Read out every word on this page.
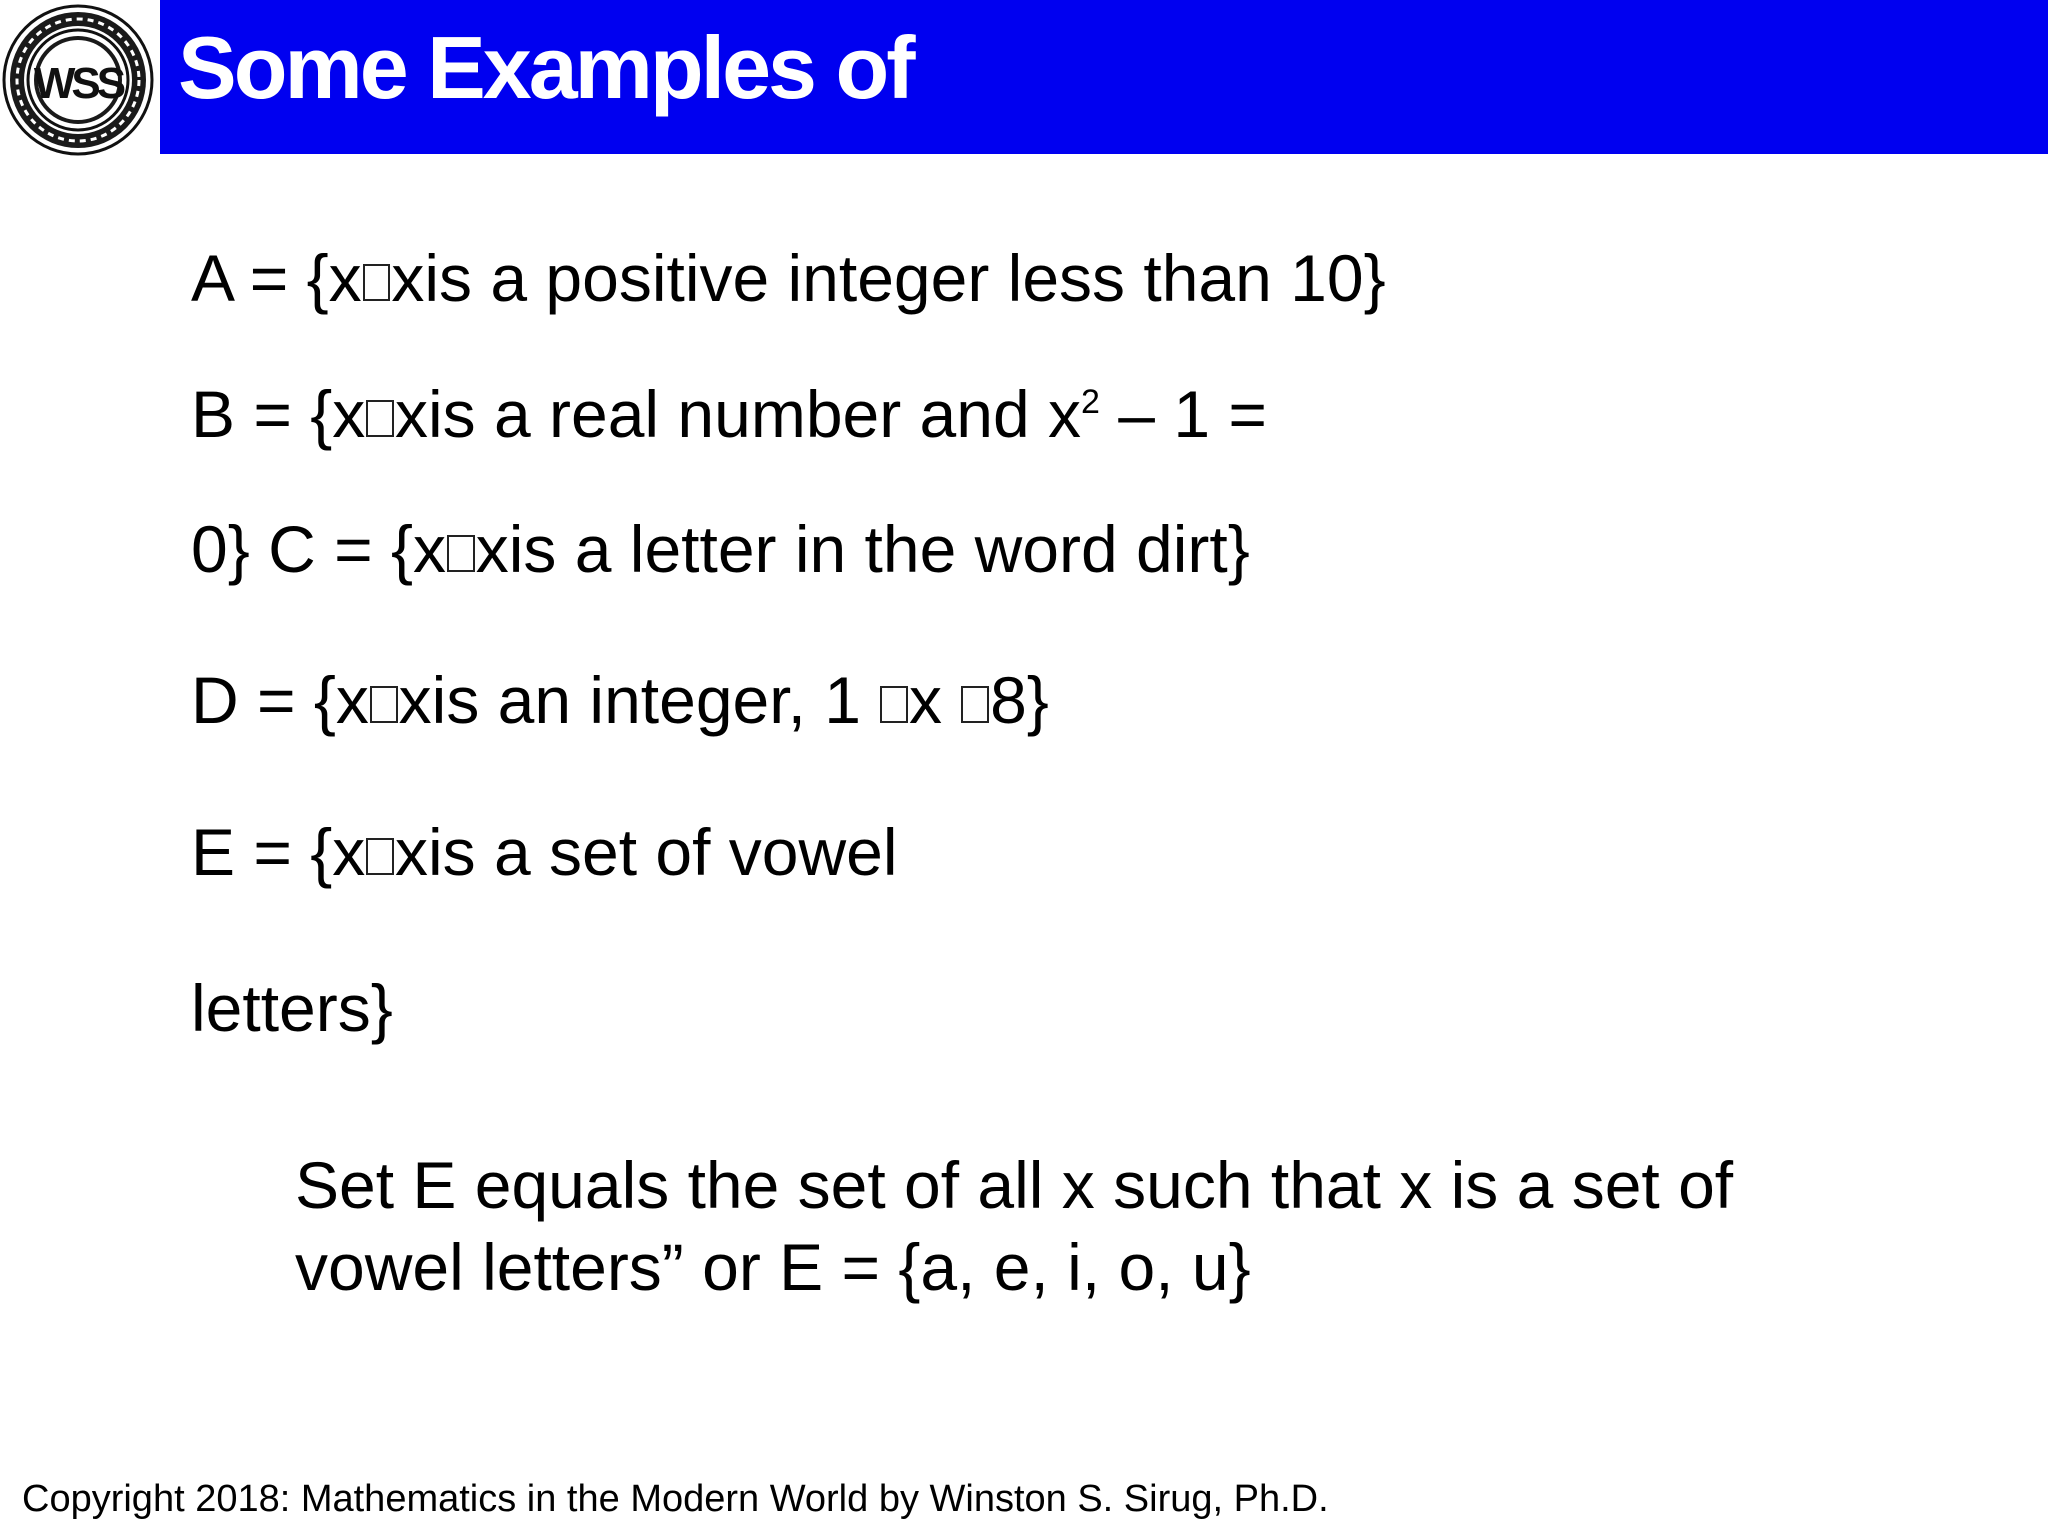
WSS Some Examples of
A = {x xis a positive integer less than 10}
B = {x xis a real number and $x^2 - 1$ =
0} C = {x xis a letter in the word dirt}
D = {x xis an integer, 1 x 8}
E = {x xis a set of vowel
letters}
Set E equals the set of all x such that x is a set of
vowel letters” or E = {a, e, i, o, u}
Copyright 2018: Mathematics in the Modern World by Winston S. Sirug, Ph.D.
